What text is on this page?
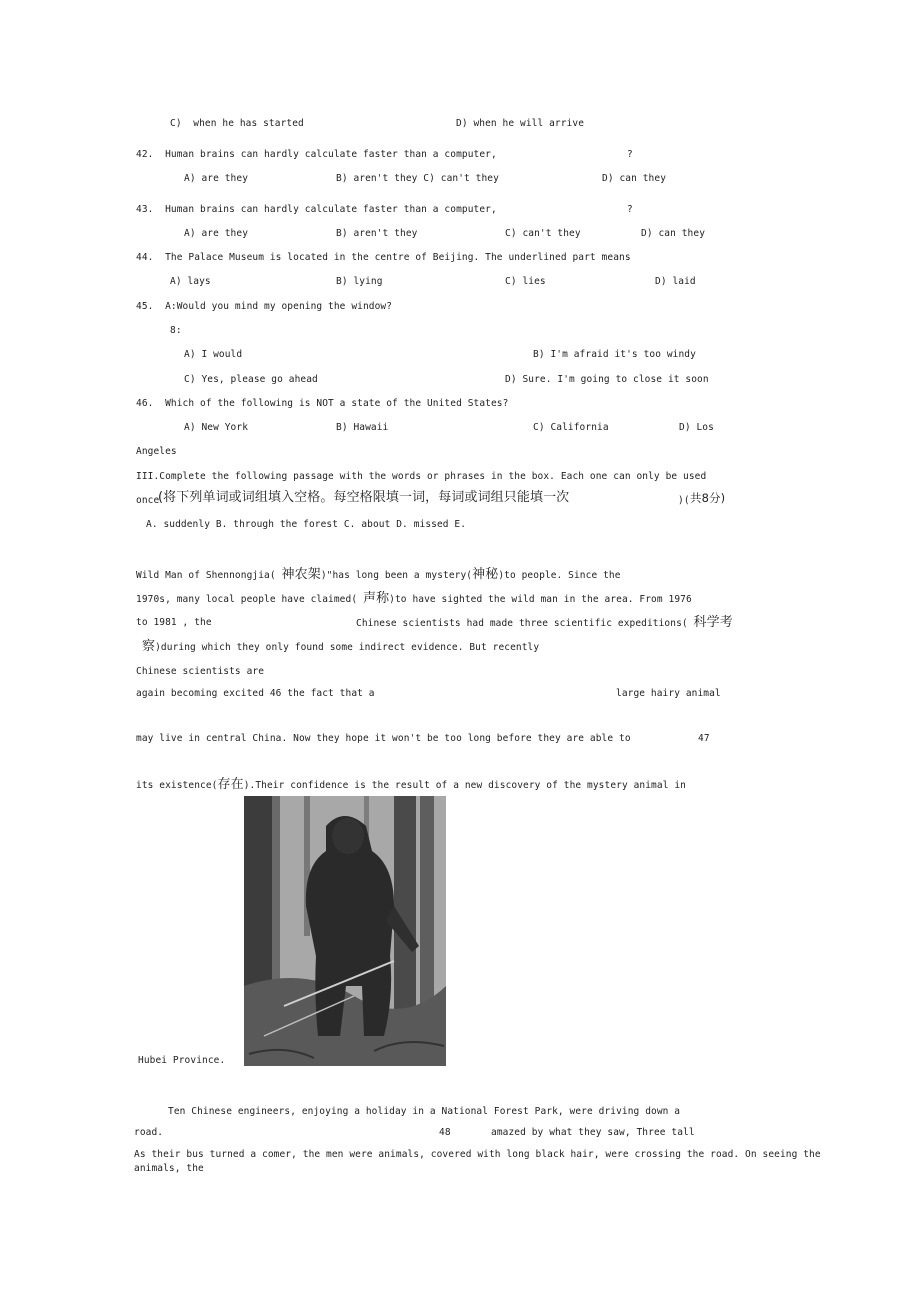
C)  when he has started	D) when he will arrive
42.  Human brains can hardly calculate faster than a computer,	?
A) are they	B) aren't they C) can't they	D) can they
43.  Human brains can hardly calculate faster than a computer,	?
A) are they	B) aren't they	C) can't they	D) can they
44.  The Palace Museum is located in the centre of Beijing. The underlined part means
A) lays	B) lying	C) lies	D) laid
45.  A:Would you mind my opening the window?
8:
A) I would	B) I'm afraid it's too windy
C) Yes, please go ahead	D) Sure. I'm going to close it soon
46.  Which of the following is NOT a state of the United States?
A) New York	B) Hawaii	C) California	D) Los
Angeles
III.Complete the following passage with the words or phrases in the box. Each one can only be used
once
(将下列单词或词组填入空格。每空格限填一词，每词或词组只能填一次	)( 共8分)
A. suddenly B. through the forest C. about D. missed E.
Wild Man of Shennongjia( 神农架)"has long been a mystery(神秘)to people. Since the
1970s, many local people have claimed( 声称)to have sighted the wild man in the area. From 1976
to 1981 , the	Chinese scientists had made three scientific expeditions( 科学考
察)during which they only found some indirect evidence. But recently
Chinese scientists are
again becoming excited 46 the fact that a	large hairy animal
may live in central China. Now they hope it won't be too long before they are able to	47
its existence(存在).Their confidence is the result of a new discovery of the mystery animal in
Hubei Province.
Ten Chinese engineers, enjoying a holiday in a National Forest Park, were driving down a
road.	48	amazed by what they saw, Three tall
As their bus turned a comer, the men were animals, covered with long black hair, were crossing the road. On seeing the
animals, the
